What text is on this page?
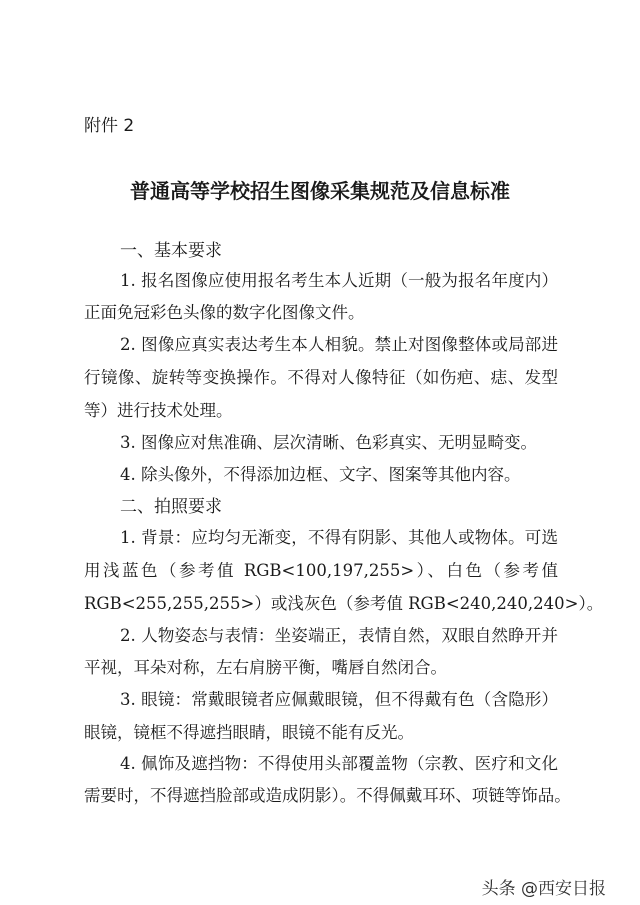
附件 2
普通高等学校招生图像采集规范及信息标准
一、基本要求
1. 报名图像应使用报名考生本人近期（一般为报名年度内）
正面免冠彩色头像的数字化图像文件。
2. 图像应真实表达考生本人相貌。禁止对图像整体或局部进
行镜像、旋转等变换操作。不得对人像特征（如伤疤、痣、发型
等）进行技术处理。
3. 图像应对焦准确、层次清晰、色彩真实、无明显畸变。
4. 除头像外，不得添加边框、文字、图案等其他内容。
二、拍照要求
1. 背景：应均匀无渐变，不得有阴影、其他人或物体。可选
用浅蓝色（参考值 RGB<100,197,255>）、白色（参考值
RGB<255,255,255>）或浅灰色（参考值 RGB<240,240,240>）。
2. 人物姿态与表情：坐姿端正，表情自然，双眼自然睁开并
平视，耳朵对称，左右肩膀平衡，嘴唇自然闭合。
3. 眼镜：常戴眼镜者应佩戴眼镜，但不得戴有色（含隐形）
眼镜，镜框不得遮挡眼睛，眼镜不能有反光。
4. 佩饰及遮挡物：不得使用头部覆盖物（宗教、医疗和文化
需要时，不得遮挡脸部或造成阴影）。不得佩戴耳环、项链等饰品。
头条 @西安日报
